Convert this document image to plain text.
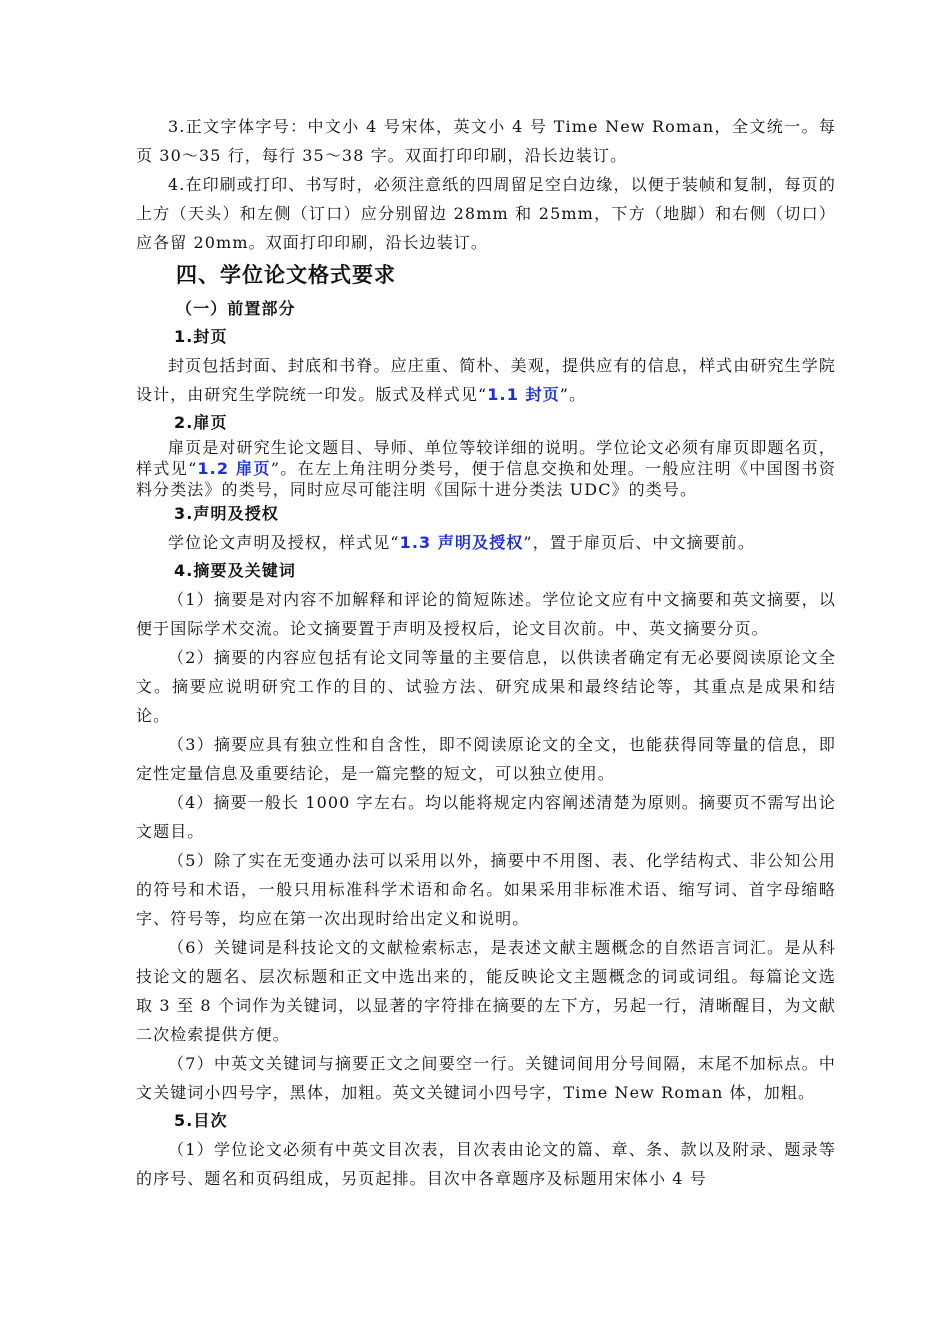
3.正文字体字号：中文小 4 号宋体，英文小 4 号 Time New Roman，全文统一。每页 30～35 行，每行 35～38 字。双面打印印刷，沿长边装订。

4.在印刷或打印、书写时，必须注意纸的四周留足空白边缘，以便于装帧和复制，每页的上方（天头）和左侧（订口）应分别留边 28mm 和 25mm，下方（地脚）和右侧（切口）应各留 20mm。双面打印印刷，沿长边装订。

四、学位论文格式要求
（一）前置部分
1.封页

封页包括封面、封底和书脊。应庄重、简朴、美观，提供应有的信息，样式由研究生学院设计，由研究生学院统一印发。版式及样式见“1.1 封页”。

2.扉页

扉页是对研究生论文题目、导师、单位等较详细的说明。学位论文必须有扉页即题名页，样式见“1.2 扉页”。在左上角注明分类号，便于信息交换和处理。一般应注明《中国图书资料分类法》的类号，同时应尽可能注明《国际十进分类法 UDC》的类号。

3.声明及授权

学位论文声明及授权，样式见“1.3 声明及授权”，置于扉页后、中文摘要前。

4.摘要及关键词

（1）摘要是对内容不加解释和评论的简短陈述。学位论文应有中文摘要和英文摘要，以便于国际学术交流。论文摘要置于声明及授权后，论文目次前。中、英文摘要分页。

（2）摘要的内容应包括有论文同等量的主要信息，以供读者确定有无必要阅读原论文全文。摘要应说明研究工作的目的、试验方法、研究成果和最终结论等，其重点是成果和结论。

（3）摘要应具有独立性和自含性，即不阅读原论文的全文，也能获得同等量的信息，即定性定量信息及重要结论，是一篇完整的短文，可以独立使用。

（4）摘要一般长 1000 字左右。均以能将规定内容阐述清楚为原则。摘要页不需写出论文题目。

（5）除了实在无变通办法可以采用以外，摘要中不用图、表、化学结构式、非公知公用的符号和术语，一般只用标准科学术语和命名。如果采用非标准术语、缩写词、首字母缩略字、符号等，均应在第一次出现时给出定义和说明。

（6）关键词是科技论文的文献检索标志，是表述文献主题概念的自然语言词汇。是从科技论文的题名、层次标题和正文中选出来的，能反映论文主题概念的词或词组。每篇论文选取 3 至 8 个词作为关键词，以显著的字符排在摘要的左下方，另起一行，清晰醒目，为文献二次检索提供方便。

（7）中英文关键词与摘要正文之间要空一行。关键词间用分号间隔，末尾不加标点。中文关键词小四号字，黑体，加粗。英文关键词小四号字，Time New Roman 体，加粗。

5.目次

（1）学位论文必须有中英文目次表，目次表由论文的篇、章、条、款以及附录、题录等的序号、题名和页码组成，另页起排。目次中各章题序及标题用宋体小 4 号
